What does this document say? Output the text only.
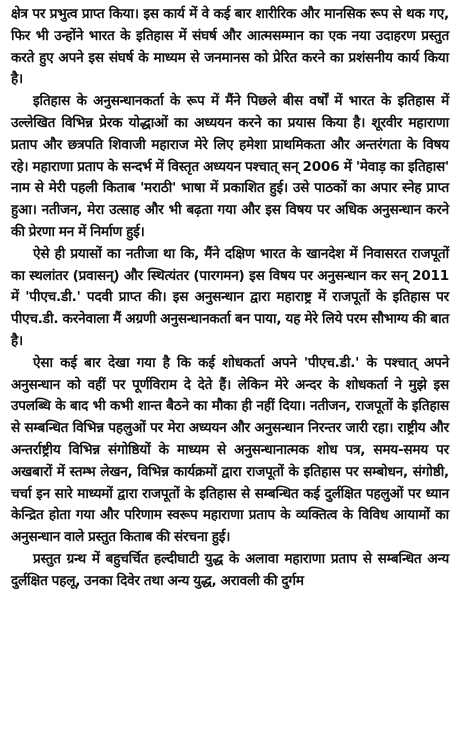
क्षेत्र पर प्रभुत्व प्राप्त किया। इस कार्य में वे कई बार शारीरिक और मानसिक रूप से थक गए, फिर भी उन्होंने भारत के इतिहास में संघर्ष और आत्मसम्मान का एक नया उदाहरण प्रस्तुत करते हुए अपने इस संघर्ष के माध्यम से जनमानस को प्रेरित करने का प्रशंसनीय कार्य किया है।

इतिहास के अनुसन्धानकर्ता के रूप में मैंने पिछले बीस वर्षों में भारत के इतिहास में उल्लेखित विभिन्न प्रेरक योद्धाओं का अध्ययन करने का प्रयास किया है। शूरवीर महाराणा प्रताप और छत्रपति शिवाजी महाराज मेरे लिए हमेशा प्राथमिकता और अन्तरंगता के विषय रहे। महाराणा प्रताप के सन्दर्भ में विस्तृत अध्ययन पश्चात् सन् 2006 में 'मेवाड़ का इतिहास' नाम से मेरी पहली किताब 'मराठी' भाषा में प्रकाशित हुई। उसे पाठकों का अपार स्नेह प्राप्त हुआ। नतीजन, मेरा उत्साह और भी बढ़ता गया और इस विषय पर अधिक अनुसन्धान करने की प्रेरणा मन में निर्माण हुई।

ऐसे ही प्रयासों का नतीजा था कि, मैंने दक्षिण भारत के खानदेश में निवासरत राजपूतों का स्थलांतर (प्रवासन्) और स्थित्यंतर (पारगमन) इस विषय पर अनुसन्धान कर सन् 2011 में 'पीएच.डी.' पदवी प्राप्त की। इस अनुसन्धान द्वारा महाराष्ट्र में राजपूतों के इतिहास पर पीएच.डी. करनेवाला मैं अग्रणी अनुसन्धानकर्ता बन पाया, यह मेरे लिये परम सौभाग्य की बात है।

ऐसा कई बार देखा गया है कि कई शोधकर्ता अपने 'पीएच.डी.' के पश्चात् अपने अनुसन्धान को वहीं पर पूर्णविराम दे देते हैं। लेकिन मेरे अन्दर के शोधकर्ता ने मुझे इस उपलब्धि के बाद भी कभी शान्त बैठने का मौका ही नहीं दिया। नतीजन, राजपूतों के इतिहास से सम्बन्धित विभिन्न पहलुओं पर मेरा अध्ययन और अनुसन्धान निरन्तर जारी रहा। राष्ट्रीय और अन्तर्राष्ट्रीय विभिन्न संगोष्ठियों के माध्यम से अनुसन्धानात्मक शोध पत्र, समय-समय पर अखबारों में स्तम्भ लेखन, विभिन्न कार्यक्रमों द्वारा राजपूतों के इतिहास पर सम्बोधन, संगोष्ठी, चर्चा इन सारे माध्यमों द्वारा राजपूतों के इतिहास से सम्बन्धित कई दुर्लक्षित पहलुओं पर ध्यान केन्द्रित होता गया और परिणाम स्वरूप महाराणा प्रताप के व्यक्तित्व के विविध आयामों का अनुसन्धान वाले प्रस्तुत किताब की संरचना हुई।

प्रस्तुत ग्रन्थ में बहुचर्चित हल्दीघाटी युद्ध के अलावा महाराणा प्रताप से सम्बन्धित अन्य दुर्लक्षित पहलू, उनका दिवेर तथा अन्य युद्ध, अरावली की दुर्गम
